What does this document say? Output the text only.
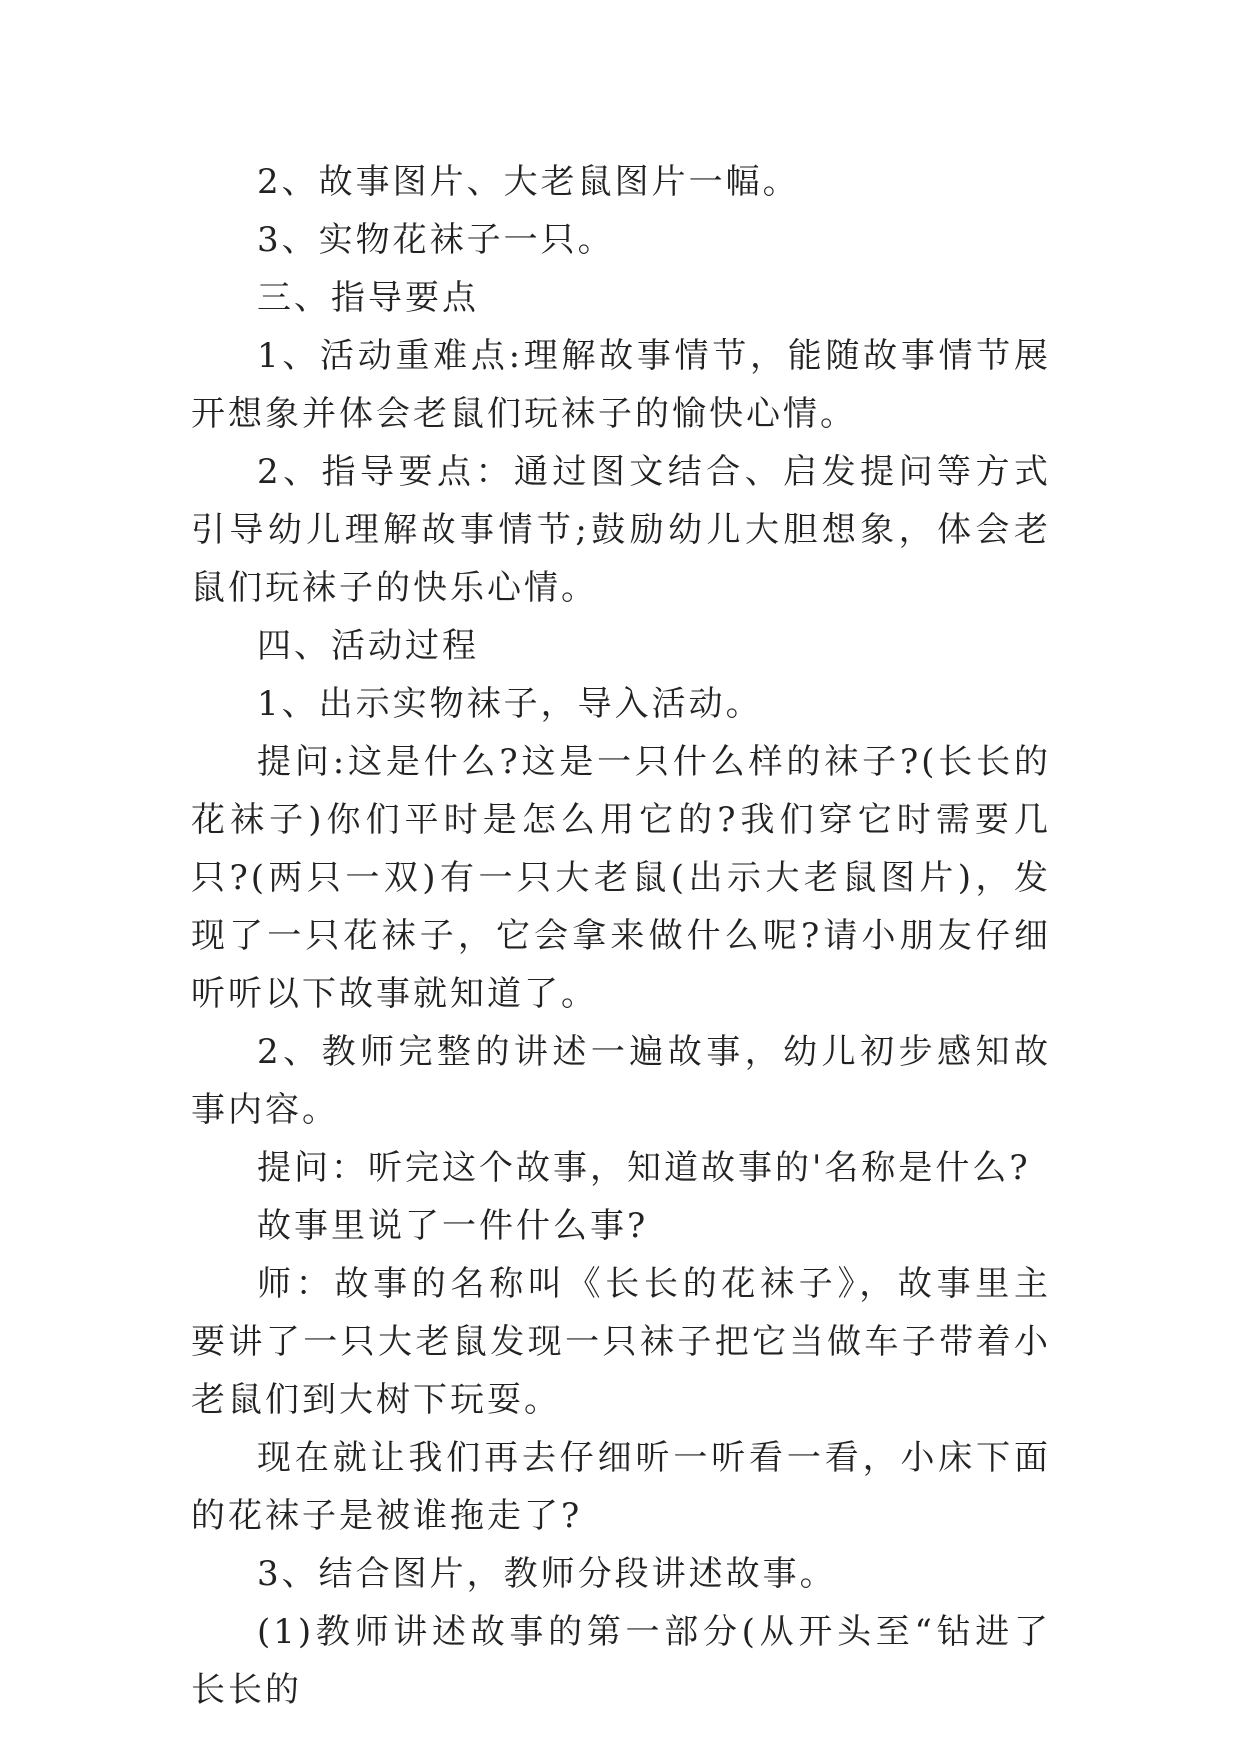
2、故事图片、大老鼠图片一幅。

3、实物花袜子一只。

三、指导要点

1、活动重难点:理解故事情节，能随故事情节展开想象并体会老鼠们玩袜子的愉快心情。

2、指导要点：通过图文结合、启发提问等方式引导幼儿理解故事情节;鼓励幼儿大胆想象，体会老鼠们玩袜子的快乐心情。

四、活动过程

1、出示实物袜子，导入活动。

提问:这是什么?这是一只什么样的袜子?(长长的花袜子)你们平时是怎么用它的?我们穿它时需要几只?(两只一双)有一只大老鼠(出示大老鼠图片)，发现了一只花袜子，它会拿来做什么呢?请小朋友仔细听听以下故事就知道了。

2、教师完整的讲述一遍故事，幼儿初步感知故事内容。

提问：听完这个故事，知道故事的'名称是什么?

故事里说了一件什么事?

师：故事的名称叫《长长的花袜子》，故事里主要讲了一只大老鼠发现一只袜子把它当做车子带着小老鼠们到大树下玩耍。

现在就让我们再去仔细听一听看一看，小床下面的花袜子是被谁拖走了?

3、结合图片，教师分段讲述故事。

(1)教师讲述故事的第一部分(从开头至“钻进了长长的
